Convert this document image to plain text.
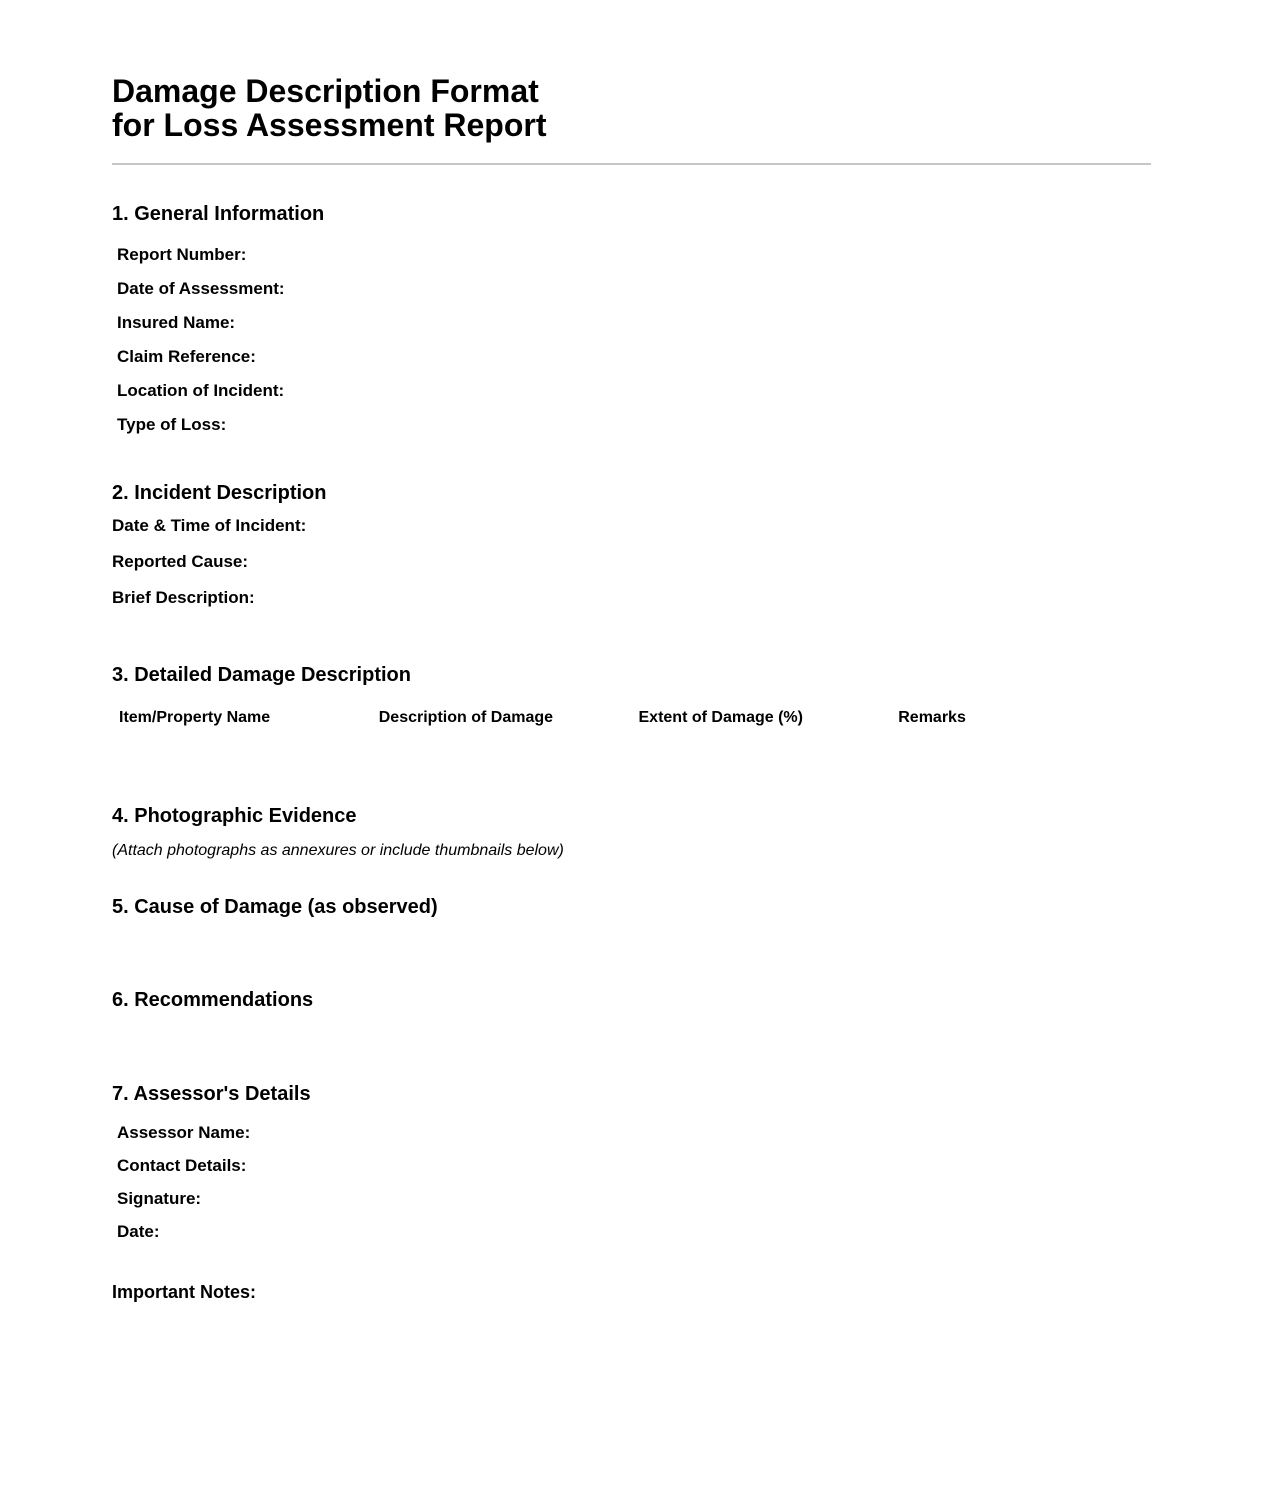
Damage Description Format
for Loss Assessment Report
1. General Information
Report Number:
Date of Assessment:
Insured Name:
Claim Reference:
Location of Incident:
Type of Loss:
2. Incident Description
Date & Time of Incident:
Reported Cause:
Brief Description:
3. Detailed Damage Description
Item/Property Name	Description of Damage	Extent of Damage (%)	Remarks
4. Photographic Evidence
(Attach photographs as annexures or include thumbnails below)
5. Cause of Damage (as observed)
6. Recommendations
7. Assessor's Details
Assessor Name:
Contact Details:
Signature:
Date:
Important Notes:
